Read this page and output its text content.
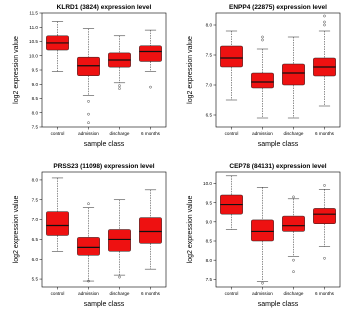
KLRD1 (3824) expression level
7.5
8.0
8.5
9.0
9.5
10.0
10.5
11.0
11.5
control	admission discharge	6 months
sample class
log2 expression value
ENPP4 (22875) expression level
6.5
7.0
7.5
8.0
control	admission discharge	6 months
sample class
log2 expression value
PRSS23 (11098) expression level
5.5
6.0
6.5
7.0
7.5
8.0
control	admission discharge	6 months
sample class
log2 expression value
CEP78 (84131) expression level
7.5
8.0
8.5
9.0
9.5
10.0
control	admission discharge	6 months
sample class
log2 expression value
